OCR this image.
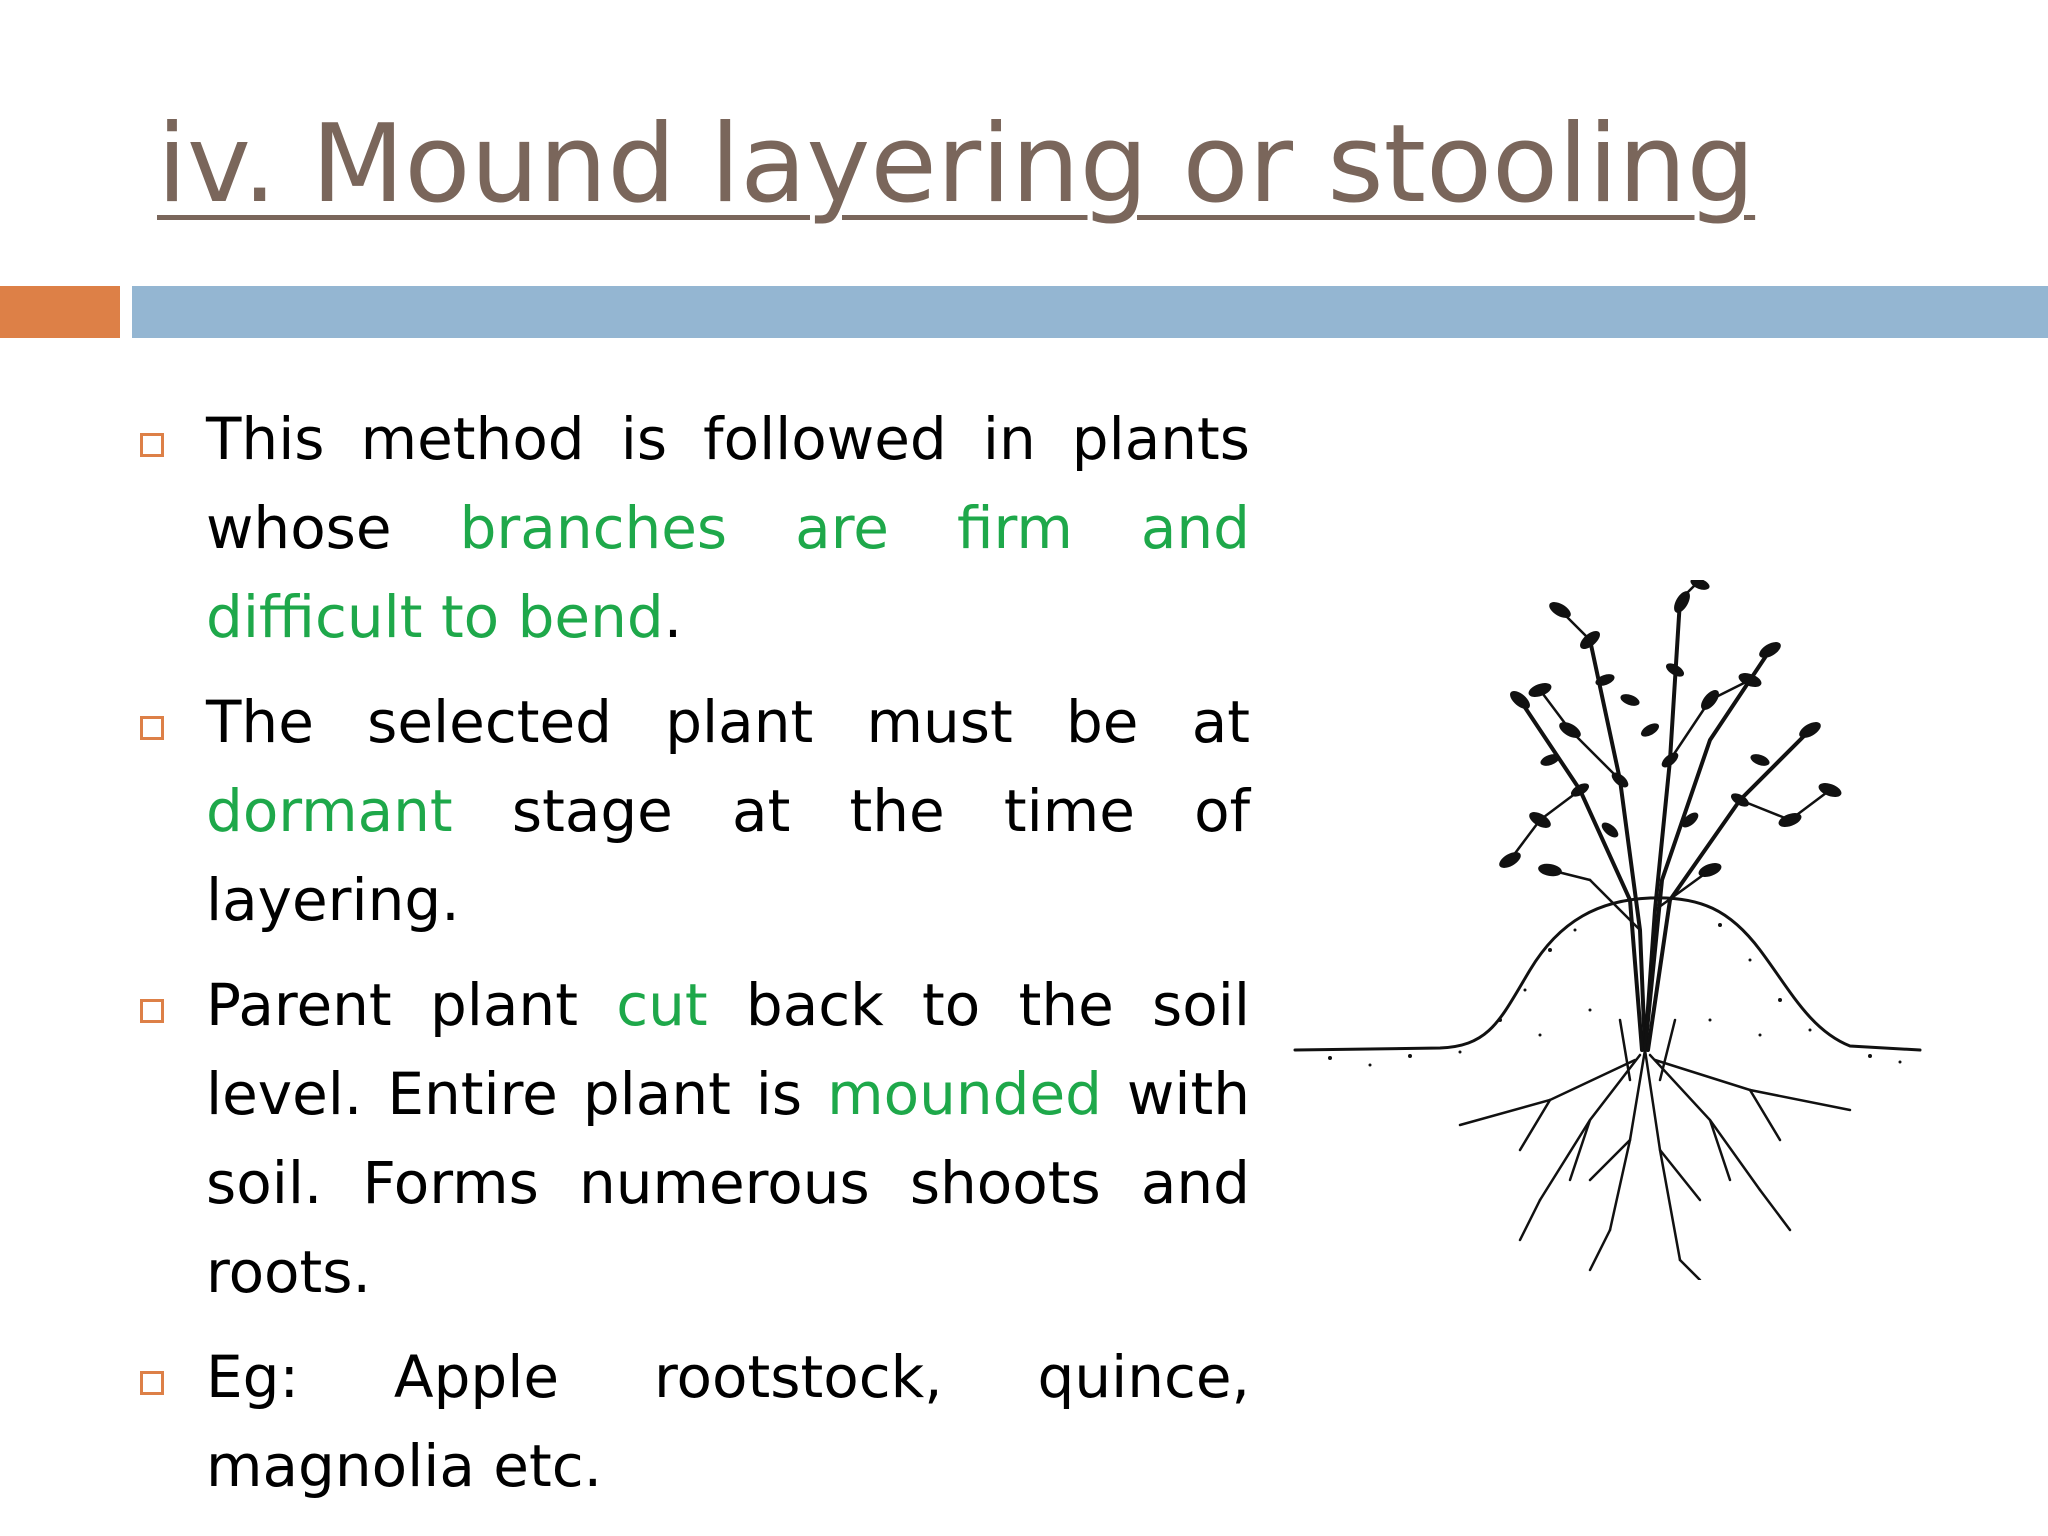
iv. Mound layering or stooling
This method is followed in plants whose branches are firm and difficult to bend.
The selected plant must be at dormant stage at the time of layering.
Parent plant cut back to the soil level. Entire plant is mounded with soil. Forms numerous shoots and roots.
Eg: Apple rootstock, quince, magnolia etc.
